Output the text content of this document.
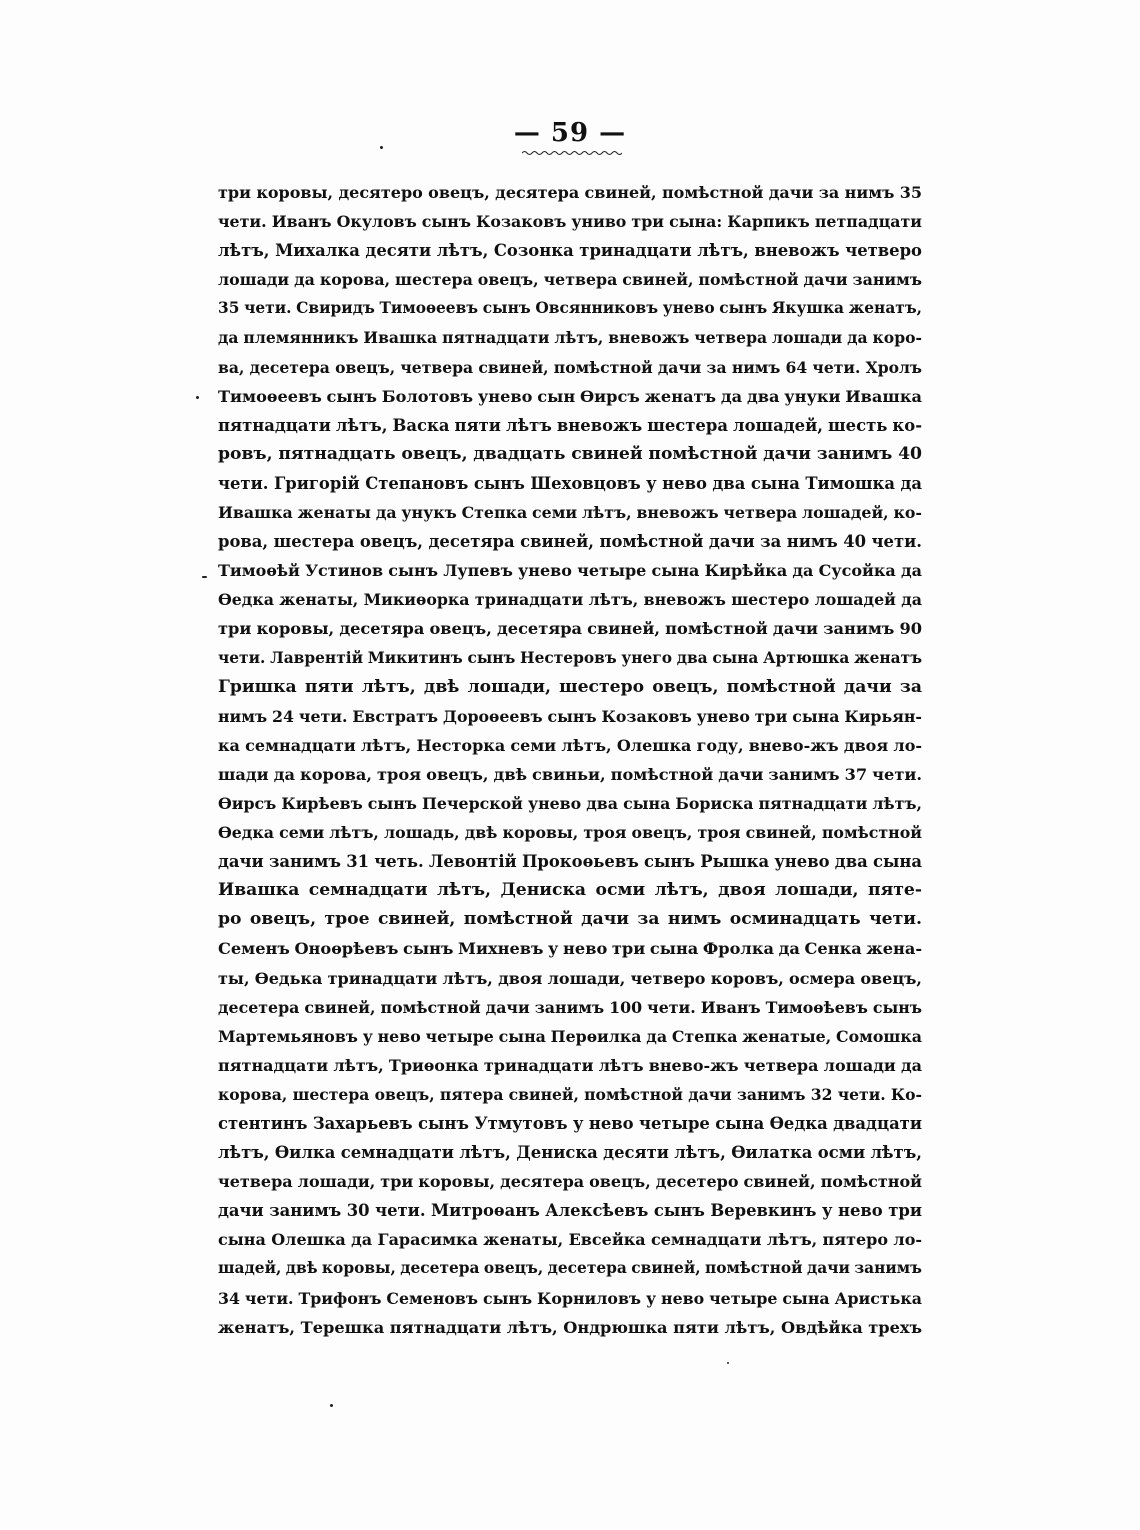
— 59 —
три коровы, десятеро овецъ, десятера свиней, помѣстной дачи за нимъ 35
чети. Иванъ Окуловъ сынъ Козаковъ униво три сына: Карпикъ петпадцати
лѣтъ, Михалка десяти лѣтъ, Созонка тринадцати лѣтъ, вневожъ четверо
лошади да корова, шестера овецъ, четвера свиней, помѣстной дачи занимъ
35 чети. Свиридъ Тимоѳеевъ сынъ Овсянниковъ унево сынъ Якушка женатъ,
да племянникъ Ивашка пятнадцати лѣтъ, вневожъ четвера лошади да коро-
ва, десетера овецъ, четвера свиней, помѣстной дачи за нимъ 64 чети. Хролъ
Тимоѳеевъ сынъ Болотовъ унево сын Ѳирсъ женатъ да два унуки Ивашка
пятнадцати лѣтъ, Васка пяти лѣтъ вневожъ шестера лошадей, шесть ко-
ровъ, пятнадцать овецъ, двадцать свиней помѣстной дачи занимъ 40
чети. Григорій Степановъ сынъ Шеховцовъ у нево два сына Тимошка да
Ивашка женаты да унукъ Степка семи лѣтъ, вневожъ четвера лошадей, ко-
рова, шестера овецъ, десетяра свиней, помѣстной дачи за нимъ 40 чети.
Тимоѳѣй Устинов сынъ Лупевъ унево четыре сына Кирѣйка да Сусойка да
Ѳедка женаты, Микиѳорка тринадцати лѣтъ, вневожъ шестеро лошадей да
три коровы, десетяра овецъ, десетяра свиней, помѣстной дачи занимъ 90
чети. Лаврентій Микитинъ сынъ Нестеровъ унего два сына Артюшка женатъ
Гришка пяти лѣтъ, двѣ лошади, шестеро овецъ, помѣстной дачи за
нимъ 24 чети. Евстратъ Дороѳеевъ сынъ Козаковъ унево три сына Кирьян-
ка семнадцати лѣтъ, Несторка семи лѣтъ, Олешка году, внево-жъ двоя ло-
шади да корова, троя овецъ, двѣ свиньи, помѣстной дачи занимъ 37 чети.
Ѳирсъ Кирѣевъ сынъ Печерской унево два сына Бориска пятнадцати лѣтъ,
Ѳедка семи лѣтъ, лошадь, двѣ коровы, троя овецъ, троя свиней, помѣстной
дачи занимъ 31 четь. Левонтій Прокоѳьевъ сынъ Рышка унево два сына
Ивашка семнадцати лѣтъ, Дениска осми лѣтъ, двоя лошади, пяте-
ро овецъ, трое свиней, помѣстной дачи за нимъ осминадцать чети.
Семенъ Оноѳрѣевъ сынъ Михневъ у нево три сына Фролка да Сенка жена-
ты, Ѳедька тринадцати лѣтъ, двоя лошади, четверо коровъ, осмера овецъ,
десетера свиней, помѣстной дачи занимъ 100 чети. Иванъ Тимоѳѣевъ сынъ
Мартемьяновъ у нево четыре сына Перѳилка да Степка женатые, Сомошка
пятнадцати лѣтъ, Триѳонка тринадцати лѣтъ внево-жъ четвера лошади да
корова, шестера овецъ, пятера свиней, помѣстной дачи занимъ 32 чети. Ко-
стентинъ Захарьевъ сынъ Утмутовъ у нево четыре сына Ѳедка двадцати
лѣтъ, Ѳилка семнадцати лѣтъ, Дениска десяти лѣтъ, Ѳилатка осми лѣтъ,
четвера лошади, три коровы, десятера овецъ, десетеро свиней, помѣстной
дачи занимъ 30 чети. Митроѳанъ Алексѣевъ сынъ Веревкинъ у нево три
сына Олешка да Гарасимка женаты, Евсейка семнадцати лѣтъ, пятеро ло-
шадей, двѣ коровы, десетера овецъ, десетера свиней, помѣстной дачи занимъ
34 чети. Трифонъ Семеновъ сынъ Корниловъ у нево четыре сына Аристька
женатъ, Терешка пятнадцати лѣтъ, Ондрюшка пяти лѣтъ, Овдѣйка трехъ
